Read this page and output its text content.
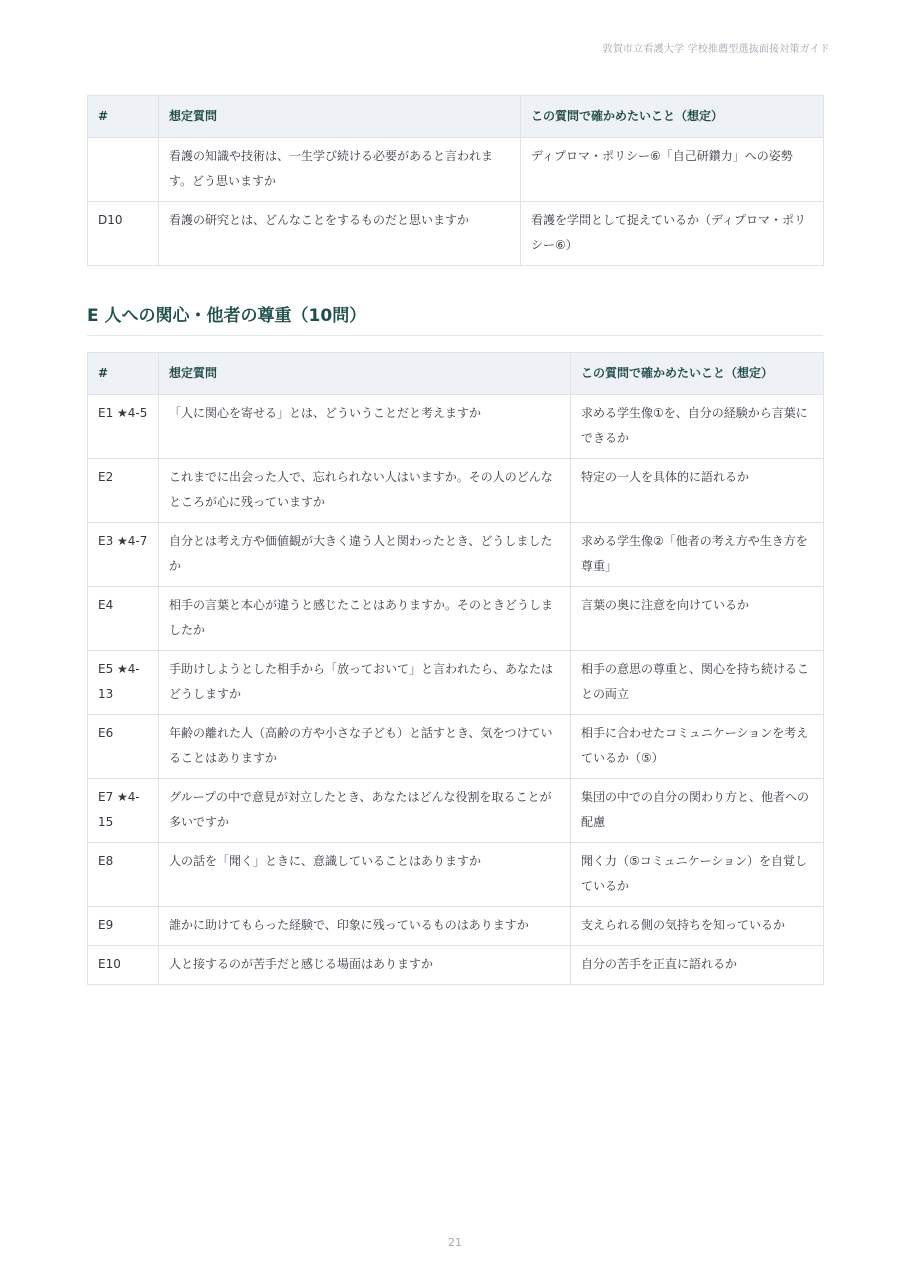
敦賀市立看護大学 学校推薦型選抜面接対策ガイド
#	想定質問	この質問で確かめたいこと（想定）
	看護の知識や技術は、一生学び続ける必要があると言われます。どう思いますか	ディプロマ・ポリシー⑥「自己研鑽力」への姿勢
D10	看護の研究とは、どんなことをするものだと思いますか	看護を学問として捉えているか（ディプロマ・ポリシー⑥）
E 人への関心・他者の尊重（10問）
#	想定質問	この質問で確かめたいこと（想定）
E1 ★4-5	「人に関心を寄せる」とは、どういうことだと考えますか	求める学生像①を、自分の経験から言葉にできるか
E2	これまでに出会った人で、忘れられない人はいますか。その人のどんなところが心に残っていますか	特定の一人を具体的に語れるか
E3 ★4-7	自分とは考え方や価値観が大きく違う人と関わったとき、どうしましたか	求める学生像②「他者の考え方や生き方を尊重」
E4	相手の言葉と本心が違うと感じたことはありますか。そのときどうしましたか	言葉の奥に注意を向けているか
E5 ★4-13	手助けしようとした相手から「放っておいて」と言われたら、あなたはどうしますか	相手の意思の尊重と、関心を持ち続けることの両立
E6	年齢の離れた人（高齢の方や小さな子ども）と話すとき、気をつけていることはありますか	相手に合わせたコミュニケーションを考えているか（⑤）
E7 ★4-15	グループの中で意見が対立したとき、あなたはどんな役割を取ることが多いですか	集団の中での自分の関わり方と、他者への配慮
E8	人の話を「聞く」ときに、意識していることはありますか	聞く力（⑤コミュニケーション）を自覚しているか
E9	誰かに助けてもらった経験で、印象に残っているものはありますか	支えられる側の気持ちを知っているか
E10	人と接するのが苦手だと感じる場面はありますか	自分の苦手を正直に語れるか
21
